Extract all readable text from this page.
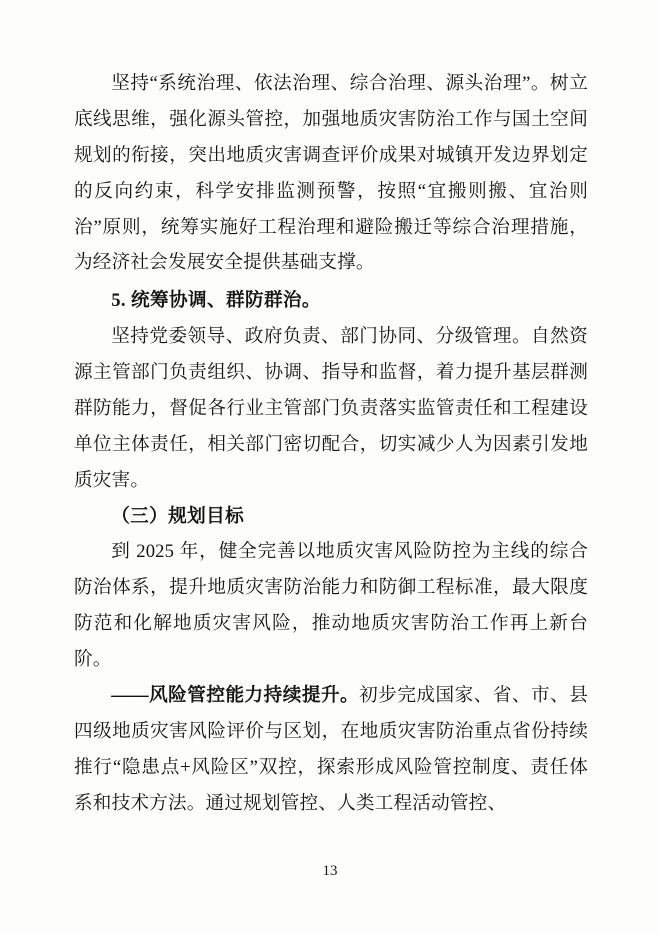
坚持“系统治理、依法治理、综合治理、源头治理”。树立底线思维，强化源头管控，加强地质灾害防治工作与国土空间规划的衔接，突出地质灾害调查评价成果对城镇开发边界划定的反向约束，科学安排监测预警，按照“宜搬则搬、宜治则治”原则，统筹实施好工程治理和避险搬迁等综合治理措施，为经济社会发展安全提供基础支撑。

5. 统筹协调、群防群治。

坚持党委领导、政府负责、部门协同、分级管理。自然资源主管部门负责组织、协调、指导和监督，着力提升基层群测群防能力，督促各行业主管部门负责落实监管责任和工程建设单位主体责任，相关部门密切配合，切实减少人为因素引发地质灾害。

（三）规划目标

到 2025 年，健全完善以地质灾害风险防控为主线的综合防治体系，提升地质灾害防治能力和防御工程标准，最大限度防范和化解地质灾害风险，推动地质灾害防治工作再上新台阶。

——风险管控能力持续提升。初步完成国家、省、市、县四级地质灾害风险评价与区划，在地质灾害防治重点省份持续推行“隐患点+风险区”双控，探索形成风险管控制度、责任体系和技术方法。通过规划管控、人类工程活动管控、

13
